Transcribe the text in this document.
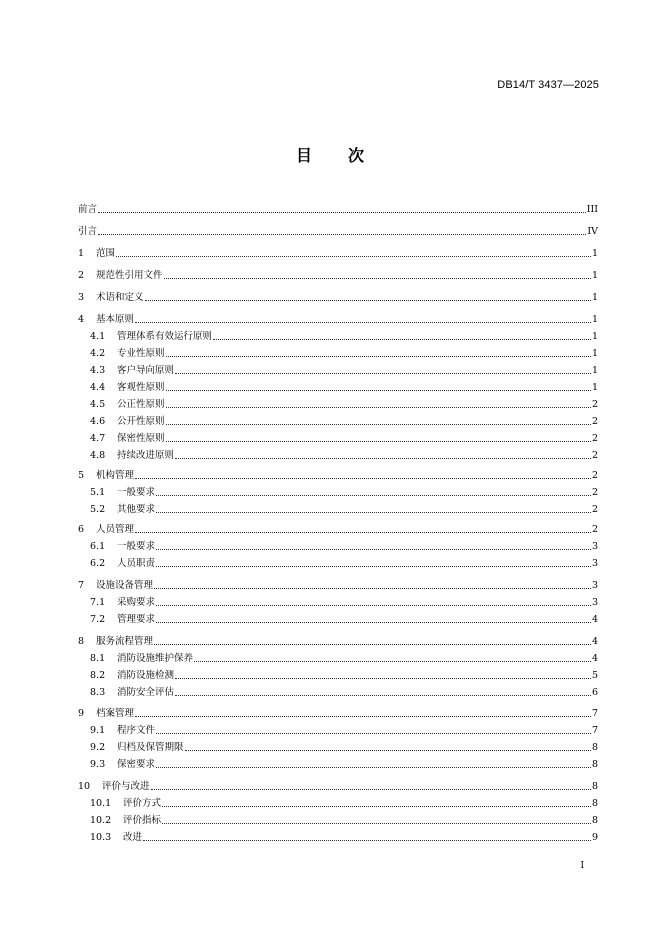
DB14/T 3437—2025
目 次
前言	III
引言	IV
1	范围	1
2	规范性引用文件	1
3	术语和定义	1
4	基本原则	1
4.1	管理体系有效运行原则	1
4.2	专业性原则	1
4.3	客户导向原则	1
4.4	客观性原则	1
4.5	公正性原则	2
4.6	公开性原则	2
4.7	保密性原则	2
4.8	持续改进原则	2
5	机构管理	2
5.1	一般要求	2
5.2	其他要求	2
6	人员管理	2
6.1	一般要求	3
6.2	人员职责	3
7	设施设备管理	3
7.1	采购要求	3
7.2	管理要求	4
8	服务流程管理	4
8.1	消防设施维护保养	4
8.2	消防设施检测	5
8.3	消防安全评估	6
9	档案管理	7
9.1	程序文件	7
9.2	归档及保管期限	8
9.3	保密要求	8
10	评价与改进	8
10.1	评价方式	8
10.2	评价指标	8
10.3	改进	9
I
